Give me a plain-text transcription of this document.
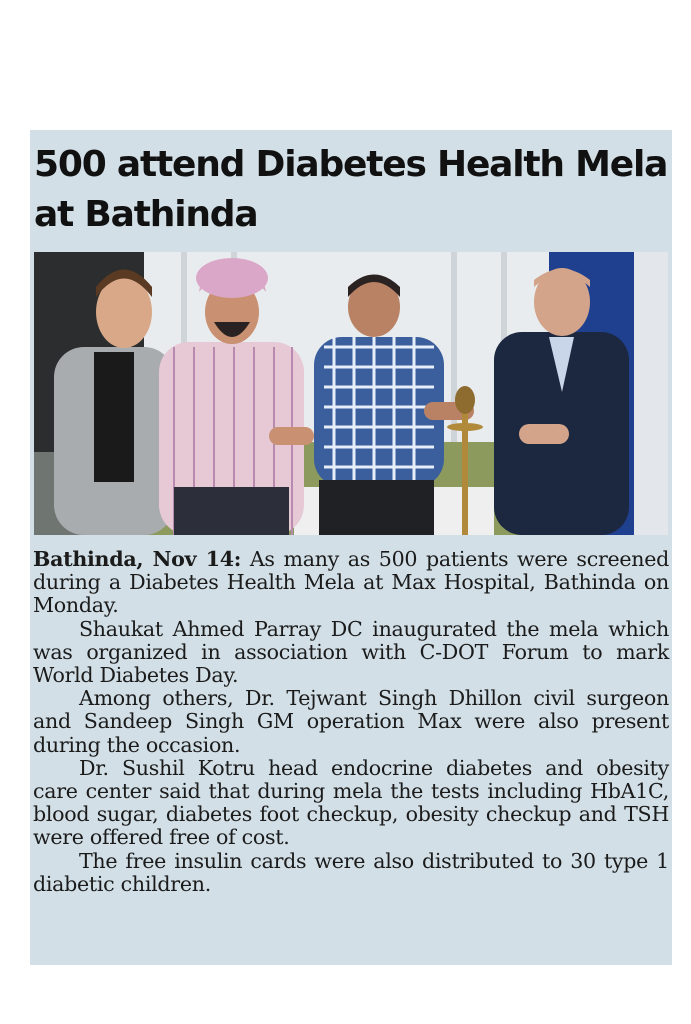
500 attend Diabetes Health Mela at Bathinda

Bathinda, Nov 14: As many as 500 patients were screened during a Diabetes Health Mela at Max Hospital, Bathinda on Monday.

Shaukat Ahmed Parray DC inaugurated the mela which was organized in association with C-DOT Forum to mark World Diabetes Day.

Among others, Dr. Tejwant Singh Dhillon civil surgeon and Sandeep Singh GM operation Max were also present during the occasion.

Dr. Sushil Kotru head endocrine diabetes and obesity care center said that during mela the tests including HbA1C, blood sugar, diabetes foot checkup, obesity checkup and TSH were offered free of cost.

The free insulin cards were also distributed to 30 type 1 diabetic children.
